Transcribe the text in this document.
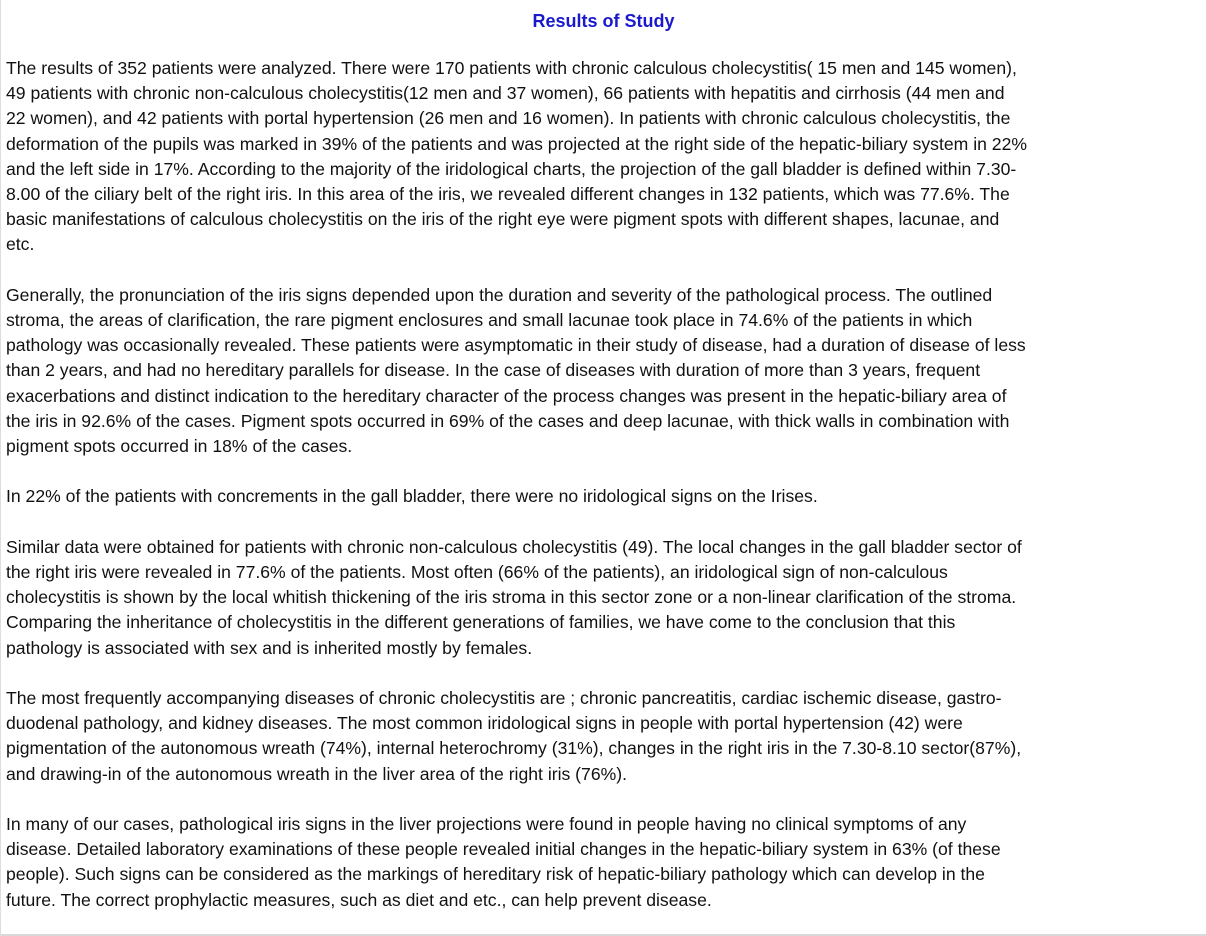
Results of Study

The results of 352 patients were analyzed. There were 170 patients with chronic calculous cholecystitis( 15 men and 145 women),
49 patients with chronic non-calculous cholecystitis(12 men and 37 women), 66 patients with hepatitis and cirrhosis (44 men and
22 women), and 42 patients with portal hypertension (26 men and 16 women). In patients with chronic calculous cholecystitis, the
deformation of the pupils was marked in 39% of the patients and was projected at the right side of the hepatic-biliary system in 22%
and the left side in 17%. According to the majority of the iridological charts, the projection of the gall bladder is defined within 7.30-
8.00 of the ciliary belt of the right iris. In this area of the iris, we revealed different changes in 132 patients, which was 77.6%. The
basic manifestations of calculous cholecystitis on the iris of the right eye were pigment spots with different shapes, lacunae, and
etc.

Generally, the pronunciation of the iris signs depended upon the duration and severity of the pathological process. The outlined
stroma, the areas of clarification, the rare pigment enclosures and small lacunae took place in 74.6% of the patients in which
pathology was occasionally revealed. These patients were asymptomatic in their study of disease, had a duration of disease of less
than 2 years, and had no hereditary parallels for disease. In the case of diseases with duration of more than 3 years, frequent
exacerbations and distinct indication to the hereditary character of the process changes was present in the hepatic-biliary area of
the iris in 92.6% of the cases. Pigment spots occurred in 69% of the cases and deep lacunae, with thick walls in combination with
pigment spots occurred in 18% of the cases.

In 22% of the patients with concrements in the gall bladder, there were no iridological signs on the Irises.

Similar data were obtained for patients with chronic non-calculous cholecystitis (49). The local changes in the gall bladder sector of
the right iris were revealed in 77.6% of the patients. Most often (66% of the patients), an iridological sign of non-calculous
cholecystitis is shown by the local whitish thickening of the iris stroma in this sector zone or a non-linear clarification of the stroma.
Comparing the inheritance of cholecystitis in the different generations of families, we have come to the conclusion that this
pathology is associated with sex and is inherited mostly by females.

The most frequently accompanying diseases of chronic cholecystitis are ; chronic pancreatitis, cardiac ischemic disease, gastro-
duodenal pathology, and kidney diseases. The most common iridological signs in people with portal hypertension (42) were
pigmentation of the autonomous wreath (74%), internal heterochromy (31%), changes in the right iris in the 7.30-8.10 sector(87%),
and drawing-in of the autonomous wreath in the liver area of the right iris (76%).

In many of our cases, pathological iris signs in the liver projections were found in people having no clinical symptoms of any
disease. Detailed laboratory examinations of these people revealed initial changes in the hepatic-biliary system in 63% (of these
people). Such signs can be considered as the markings of hereditary risk of hepatic-biliary pathology which can develop in the
future. The correct prophylactic measures, such as diet and etc., can help prevent disease.
